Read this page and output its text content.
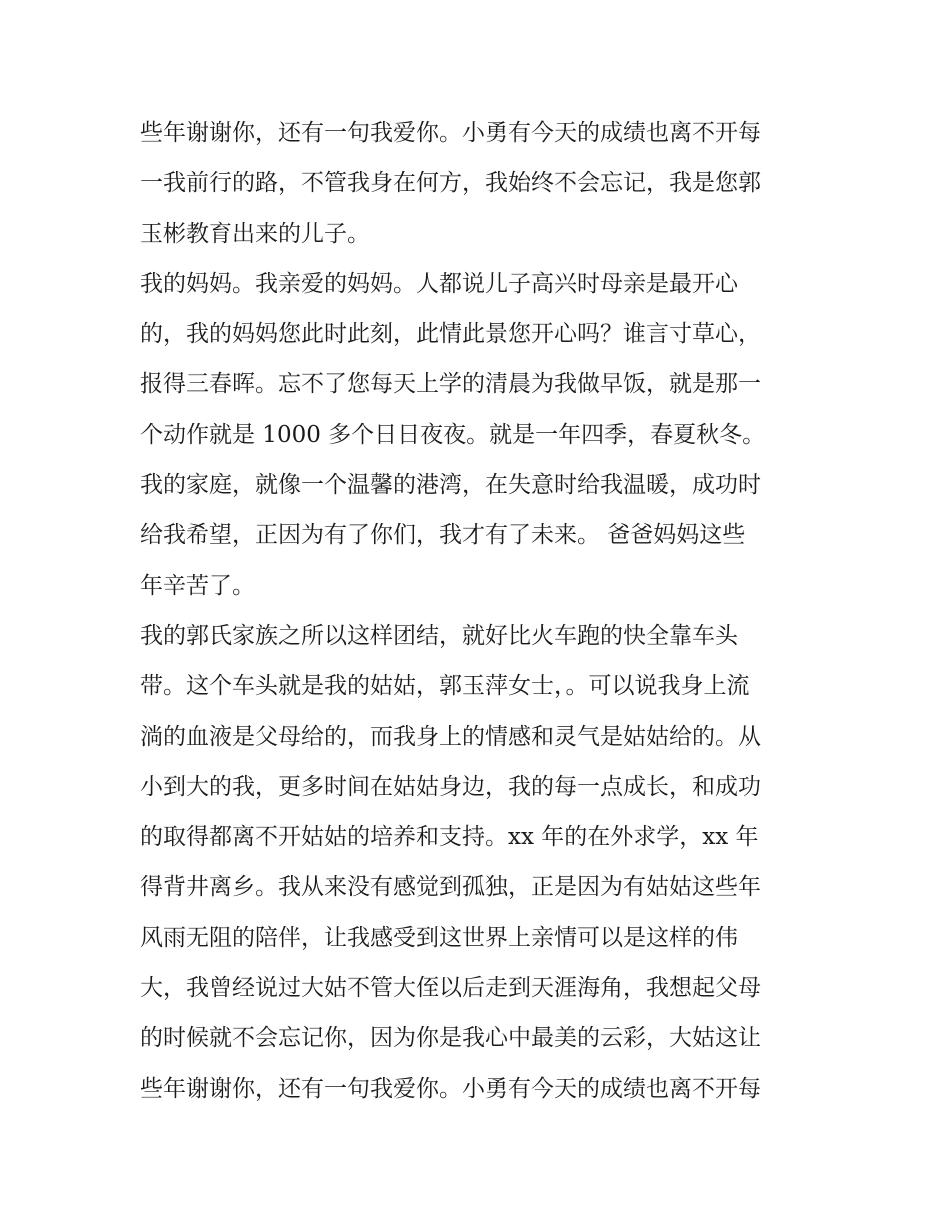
些年谢谢你，还有一句我爱你。小勇有今天的成绩也离不开每
一我前行的路，不管我身在何方，我始终不会忘记，我是您郭
玉彬教育出来的儿子。
我的妈妈。我亲爱的妈妈。人都说儿子高兴时母亲是最开心
的，我的妈妈您此时此刻，此情此景您开心吗？谁言寸草心，
报得三春晖。忘不了您每天上学的清晨为我做早饭，就是那一
个动作就是 1000 多个日日夜夜。就是一年四季，春夏秋冬。
我的家庭，就像一个温馨的港湾，在失意时给我温暖，成功时
给我希望，正因为有了你们，我才有了未来。 爸爸妈妈这些
年辛苦了。
我的郭氏家族之所以这样团结，就好比火车跑的快全靠车头
带。这个车头就是我的姑姑，郭玉萍女士，。可以说我身上流
淌的血液是父母给的，而我身上的情感和灵气是姑姑给的。从
小到大的我，更多时间在姑姑身边，我的每一点成长，和成功
的取得都离不开姑姑的培养和支持。xx 年的在外求学，xx 年
得背井离乡。我从来没有感觉到孤独，正是因为有姑姑这些年
风雨无阻的陪伴，让我感受到这世界上亲情可以是这样的伟
大，我曾经说过大姑不管大侄以后走到天涯海角，我想起父母
的时候就不会忘记你，因为你是我心中最美的云彩，大姑这让
些年谢谢你，还有一句我爱你。小勇有今天的成绩也离不开每
